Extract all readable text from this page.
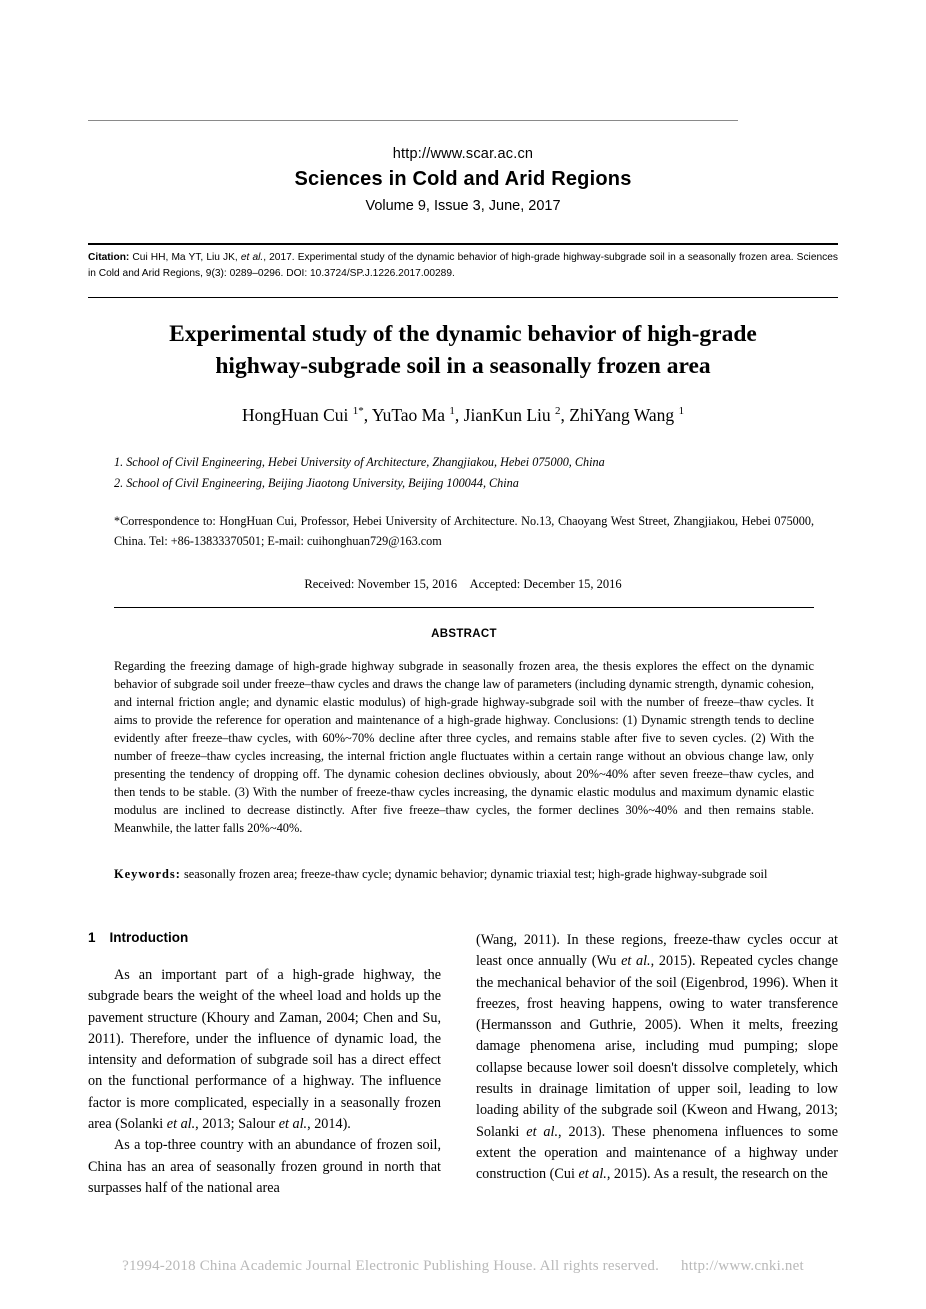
http://www.scar.ac.cn
Sciences in Cold and Arid Regions
Volume 9, Issue 3, June, 2017
Citation: Cui HH, Ma YT, Liu JK, et al., 2017. Experimental study of the dynamic behavior of high-grade highway-subgrade soil in a seasonally frozen area. Sciences in Cold and Arid Regions, 9(3): 0289–0296. DOI: 10.3724/SP.J.1226.2017.00289.
Experimental study of the dynamic behavior of high-grade
highway-subgrade soil in a seasonally frozen area
HongHuan Cui $^{1*}$, YuTao Ma $^1$, JianKun Liu $^2$, ZhiYang Wang $^1$
1. School of Civil Engineering, Hebei University of Architecture, Zhangjiakou, Hebei 075000, China
2. School of Civil Engineering, Beijing Jiaotong University, Beijing 100044, China
*Correspondence to: HongHuan Cui, Professor, Hebei University of Architecture. No.13, Chaoyang West Street, Zhangjiakou, Hebei 075000, China. Tel: +86-13833370501; E-mail: cuihonghuan729@163.com
Received: November 15, 2016 Accepted: December 15, 2016
ABSTRACT
Regarding the freezing damage of high-grade highway subgrade in seasonally frozen area, the thesis explores the effect on the dynamic behavior of subgrade soil under freeze–thaw cycles and draws the change law of parameters (including dynamic strength, dynamic cohesion, and internal friction angle; and dynamic elastic modulus) of high-grade highway-subgrade soil with the number of freeze–thaw cycles. It aims to provide the reference for operation and maintenance of a high-grade highway. Conclusions: (1) Dynamic strength tends to decline evidently after freeze–thaw cycles, with 60%~70% decline after three cycles, and remains stable after five to seven cycles. (2) With the number of freeze–thaw cycles increasing, the internal friction angle fluctuates within a certain range without an obvious change law, only presenting the tendency of dropping off. The dynamic cohesion declines obviously, about 20%~40% after seven freeze–thaw cycles, and then tends to be stable. (3) With the number of freeze-thaw cycles increasing, the dynamic elastic modulus and maximum dynamic elastic modulus are inclined to decrease distinctly. After five freeze–thaw cycles, the former declines 30%~40% and then remains stable. Meanwhile, the latter falls 20%~40%.
Keywords: seasonally frozen area; freeze-thaw cycle; dynamic behavior; dynamic triaxial test; high-grade highway-subgrade soil
1 Introduction

As an important part of a high-grade highway, the subgrade bears the weight of the wheel load and holds up the pavement structure (Khoury and Zaman, 2004; Chen and Su, 2011). Therefore, under the influence of dynamic load, the intensity and deformation of subgrade soil has a direct effect on the functional performance of a highway. The influence factor is more complicated, especially in a seasonally frozen area (Solanki et al., 2013; Salour et al., 2014).

As a top-three country with an abundance of frozen soil, China has an area of seasonally frozen ground in north that surpasses half of the national area

(Wang, 2011). In these regions, freeze-thaw cycles occur at least once annually (Wu et al., 2015). Repeated cycles change the mechanical behavior of the soil (Eigenbrod, 1996). When it freezes, frost heaving happens, owing to water transference (Hermansson and Guthrie, 2005). When it melts, freezing damage phenomena arise, including mud pumping; slope collapse because lower soil doesn't dissolve completely, which results in drainage limitation of upper soil, leading to low loading ability of the subgrade soil (Kweon and Hwang, 2013; Solanki et al., 2013). These phenomena influences to some extent the operation and maintenance of a highway under construction (Cui et al., 2015). As a result, the research on the

?1994-2018 China Academic Journal Electronic Publishing House. All rights reserved. http://www.cnki.net
